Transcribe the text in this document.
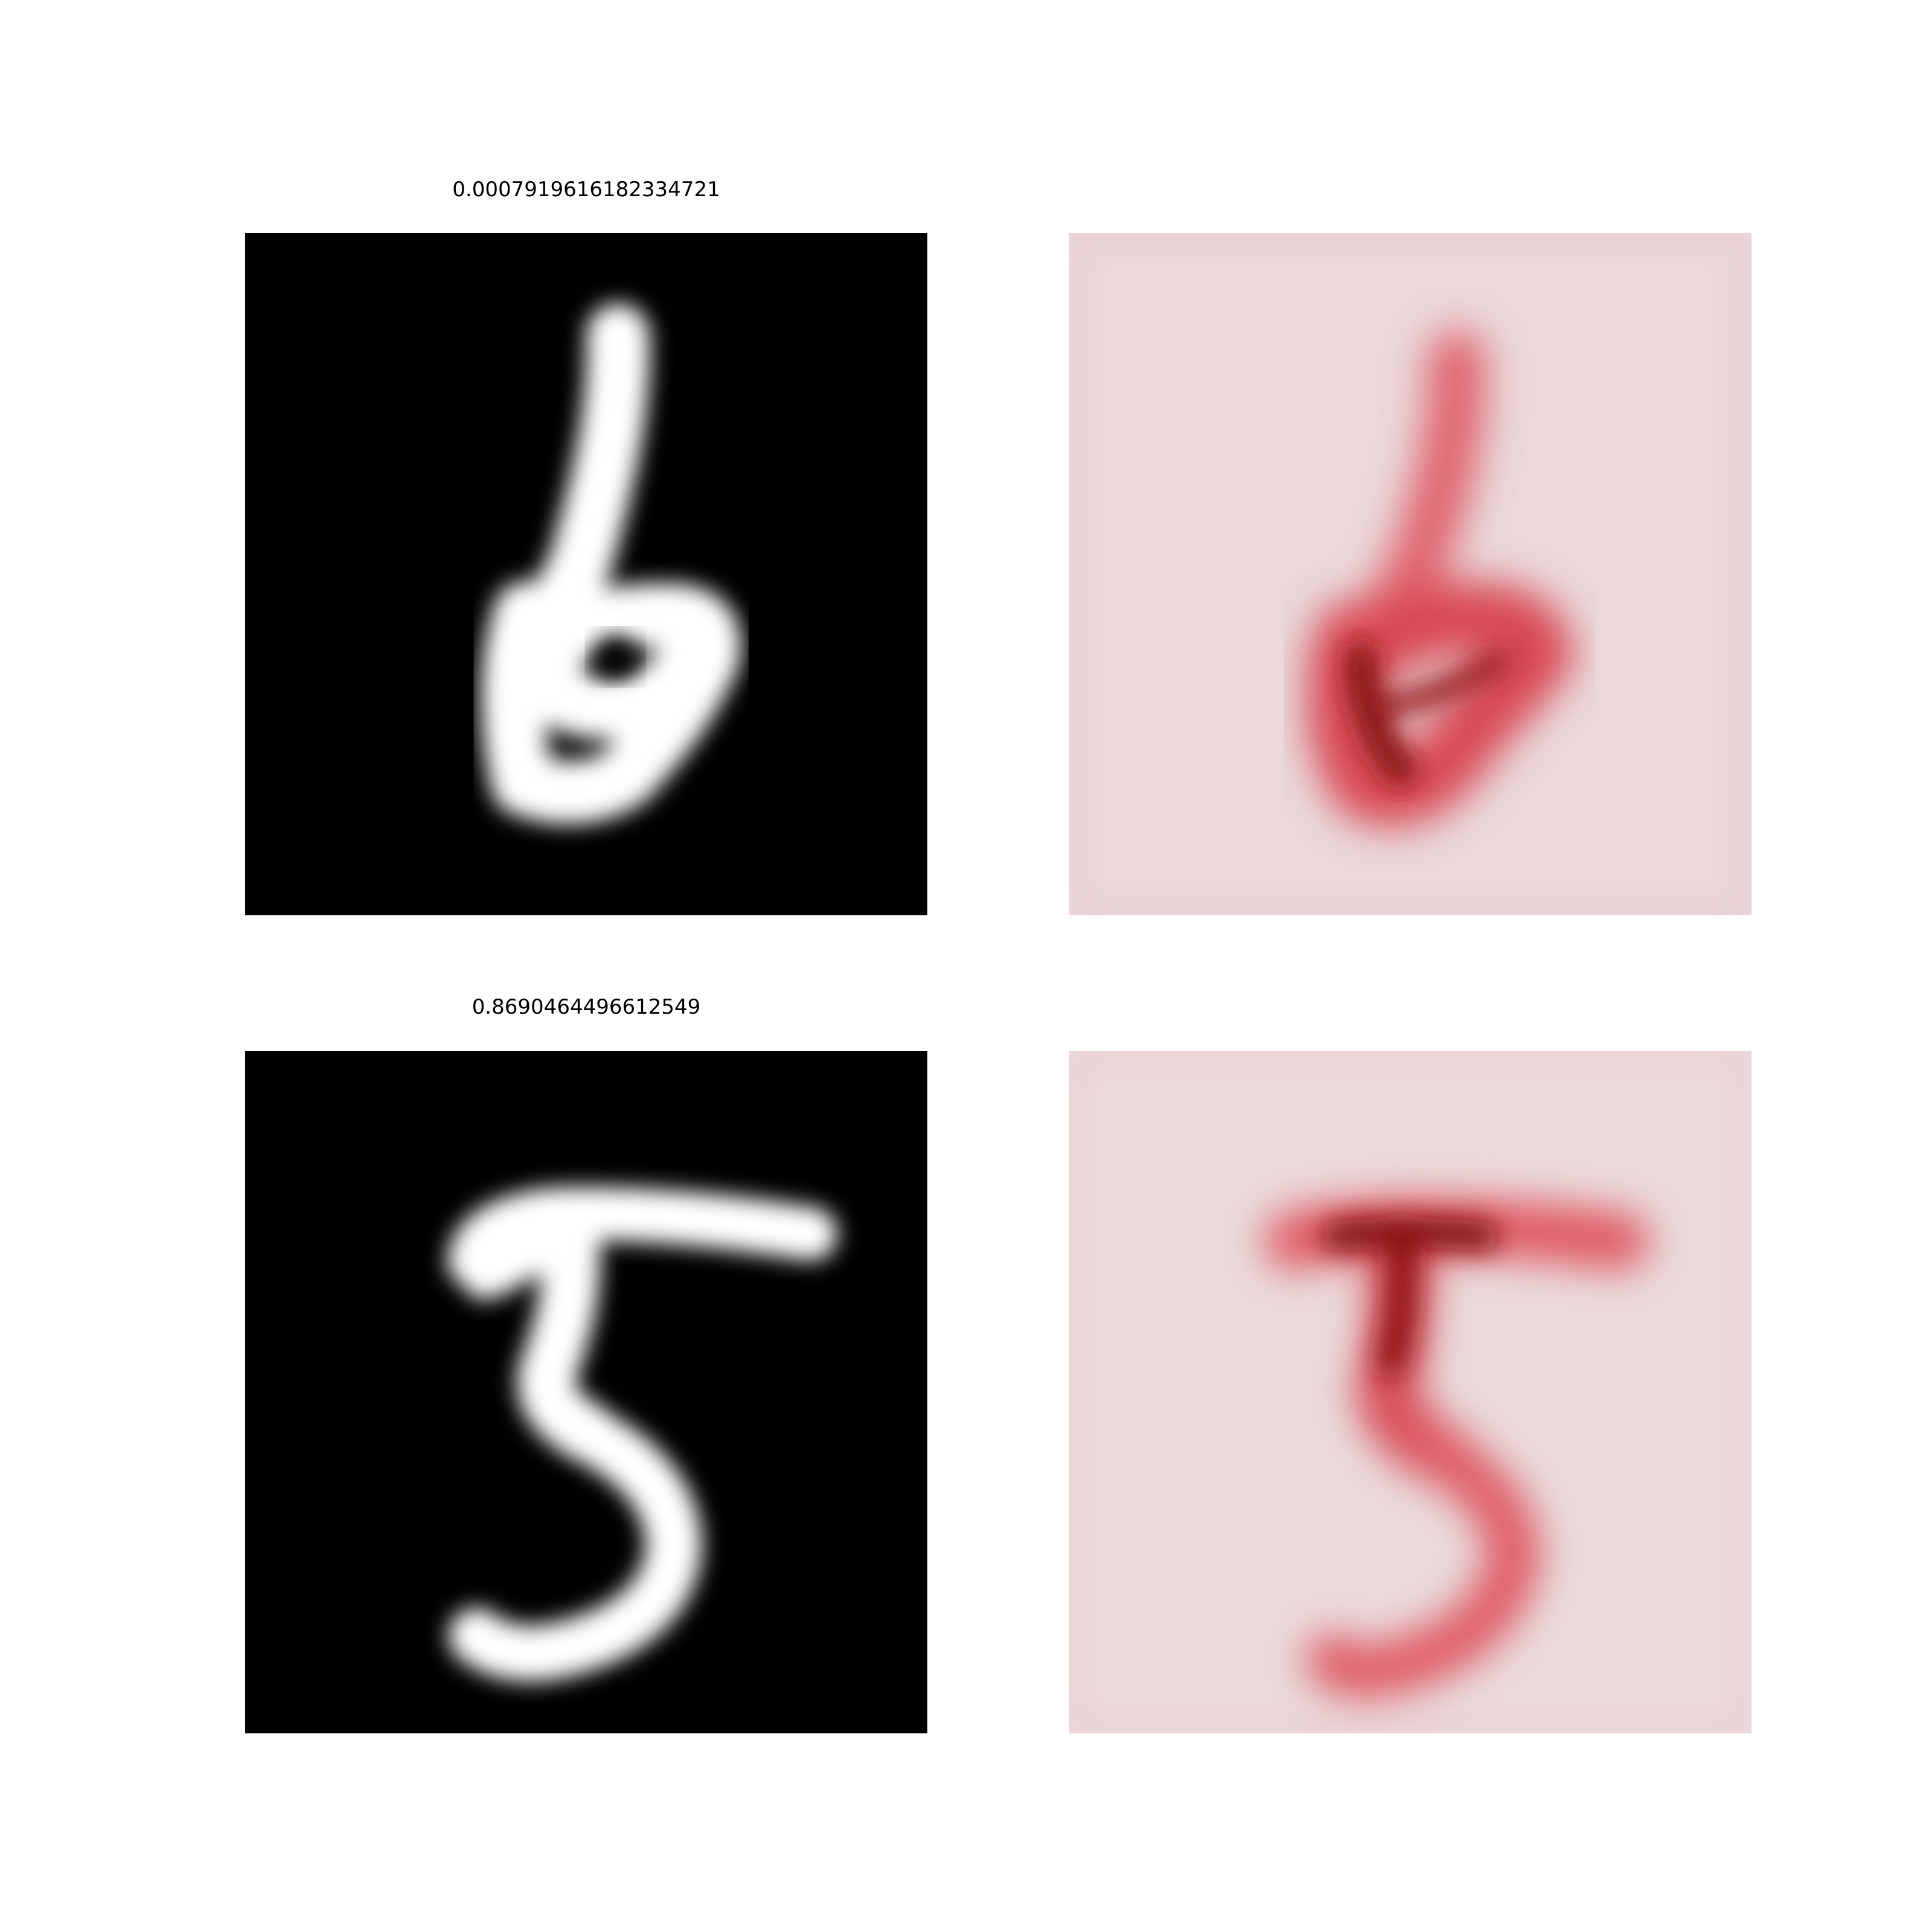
0.0007919616182334721
0.8690464496612549
